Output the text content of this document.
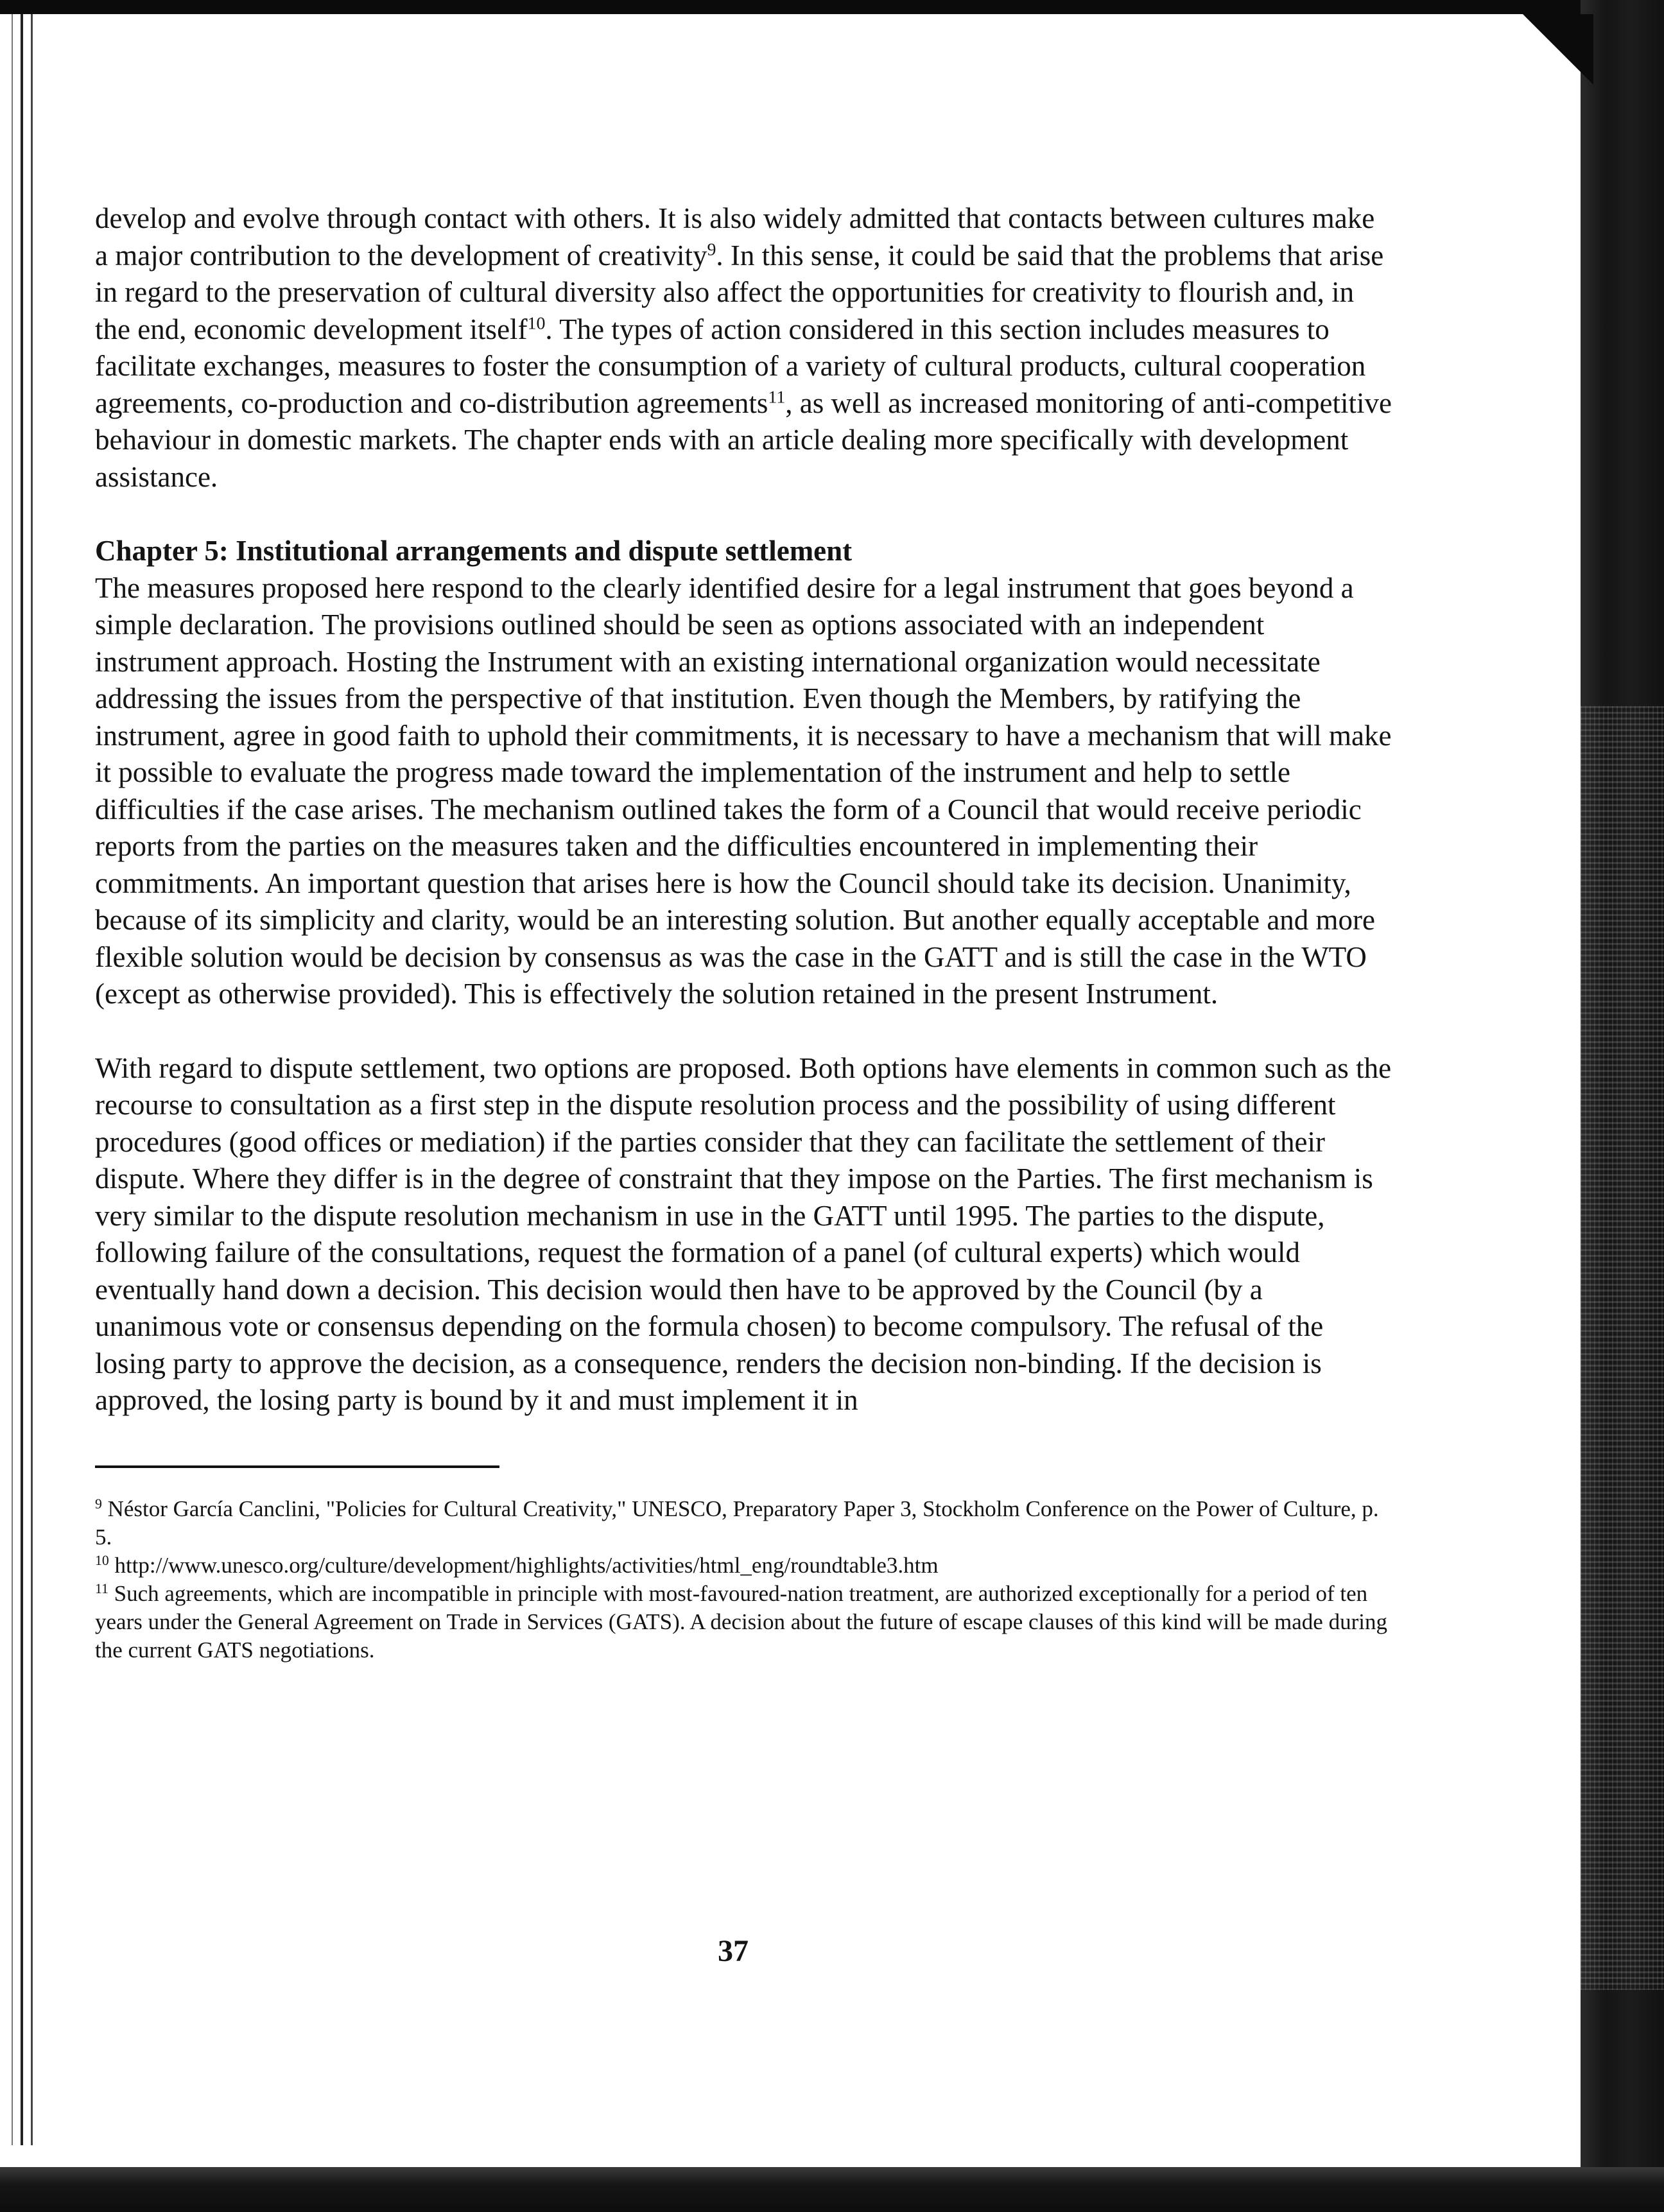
develop and evolve through contact with others. It is also widely admitted that contacts between cultures make a major contribution to the development of creativity$^9$. In this sense, it could be said that the problems that arise in regard to the preservation of cultural diversity also affect the opportunities for creativity to flourish and, in the end, economic development itself$^{10}$. The types of action considered in this section includes measures to facilitate exchanges, measures to foster the consumption of a variety of cultural products, cultural cooperation agreements, co-production and co-distribution agreements$^{11}$, as well as increased monitoring of anti-competitive behaviour in domestic markets. The chapter ends with an article dealing more specifically with development assistance.

Chapter 5: Institutional arrangements and dispute settlement

The measures proposed here respond to the clearly identified desire for a legal instrument that goes beyond a simple declaration. The provisions outlined should be seen as options associated with an independent instrument approach. Hosting the Instrument with an existing international organization would necessitate addressing the issues from the perspective of that institution. Even though the Members, by ratifying the instrument, agree in good faith to uphold their commitments, it is necessary to have a mechanism that will make it possible to evaluate the progress made toward the implementation of the instrument and help to settle difficulties if the case arises. The mechanism outlined takes the form of a Council that would receive periodic reports from the parties on the measures taken and the difficulties encountered in implementing their commitments. An important question that arises here is how the Council should take its decision. Unanimity, because of its simplicity and clarity, would be an interesting solution. But another equally acceptable and more flexible solution would be decision by consensus as was the case in the GATT and is still the case in the WTO (except as otherwise provided). This is effectively the solution retained in the present Instrument.

With regard to dispute settlement, two options are proposed. Both options have elements in common such as the recourse to consultation as a first step in the dispute resolution process and the possibility of using different procedures (good offices or mediation) if the parties consider that they can facilitate the settlement of their dispute. Where they differ is in the degree of constraint that they impose on the Parties. The first mechanism is very similar to the dispute resolution mechanism in use in the GATT until 1995. The parties to the dispute, following failure of the consultations, request the formation of a panel (of cultural experts) which would eventually hand down a decision. This decision would then have to be approved by the Council (by a unanimous vote or consensus depending on the formula chosen) to become compulsory. The refusal of the losing party to approve the decision, as a consequence, renders the decision non-binding. If the decision is approved, the losing party is bound by it and must implement it in

$^9$ Néstor García Canclini, "Policies for Cultural Creativity," UNESCO, Preparatory Paper 3, Stockholm Conference on the Power of Culture, p. 5.

$^{10}$ http://www.unesco.org/culture/development/highlights/activities/html_eng/roundtable3.htm

$^{11}$ Such agreements, which are incompatible in principle with most-favoured-nation treatment, are authorized exceptionally for a period of ten years under the General Agreement on Trade in Services (GATS). A decision about the future of escape clauses of this kind will be made during the current GATS negotiations.

37
